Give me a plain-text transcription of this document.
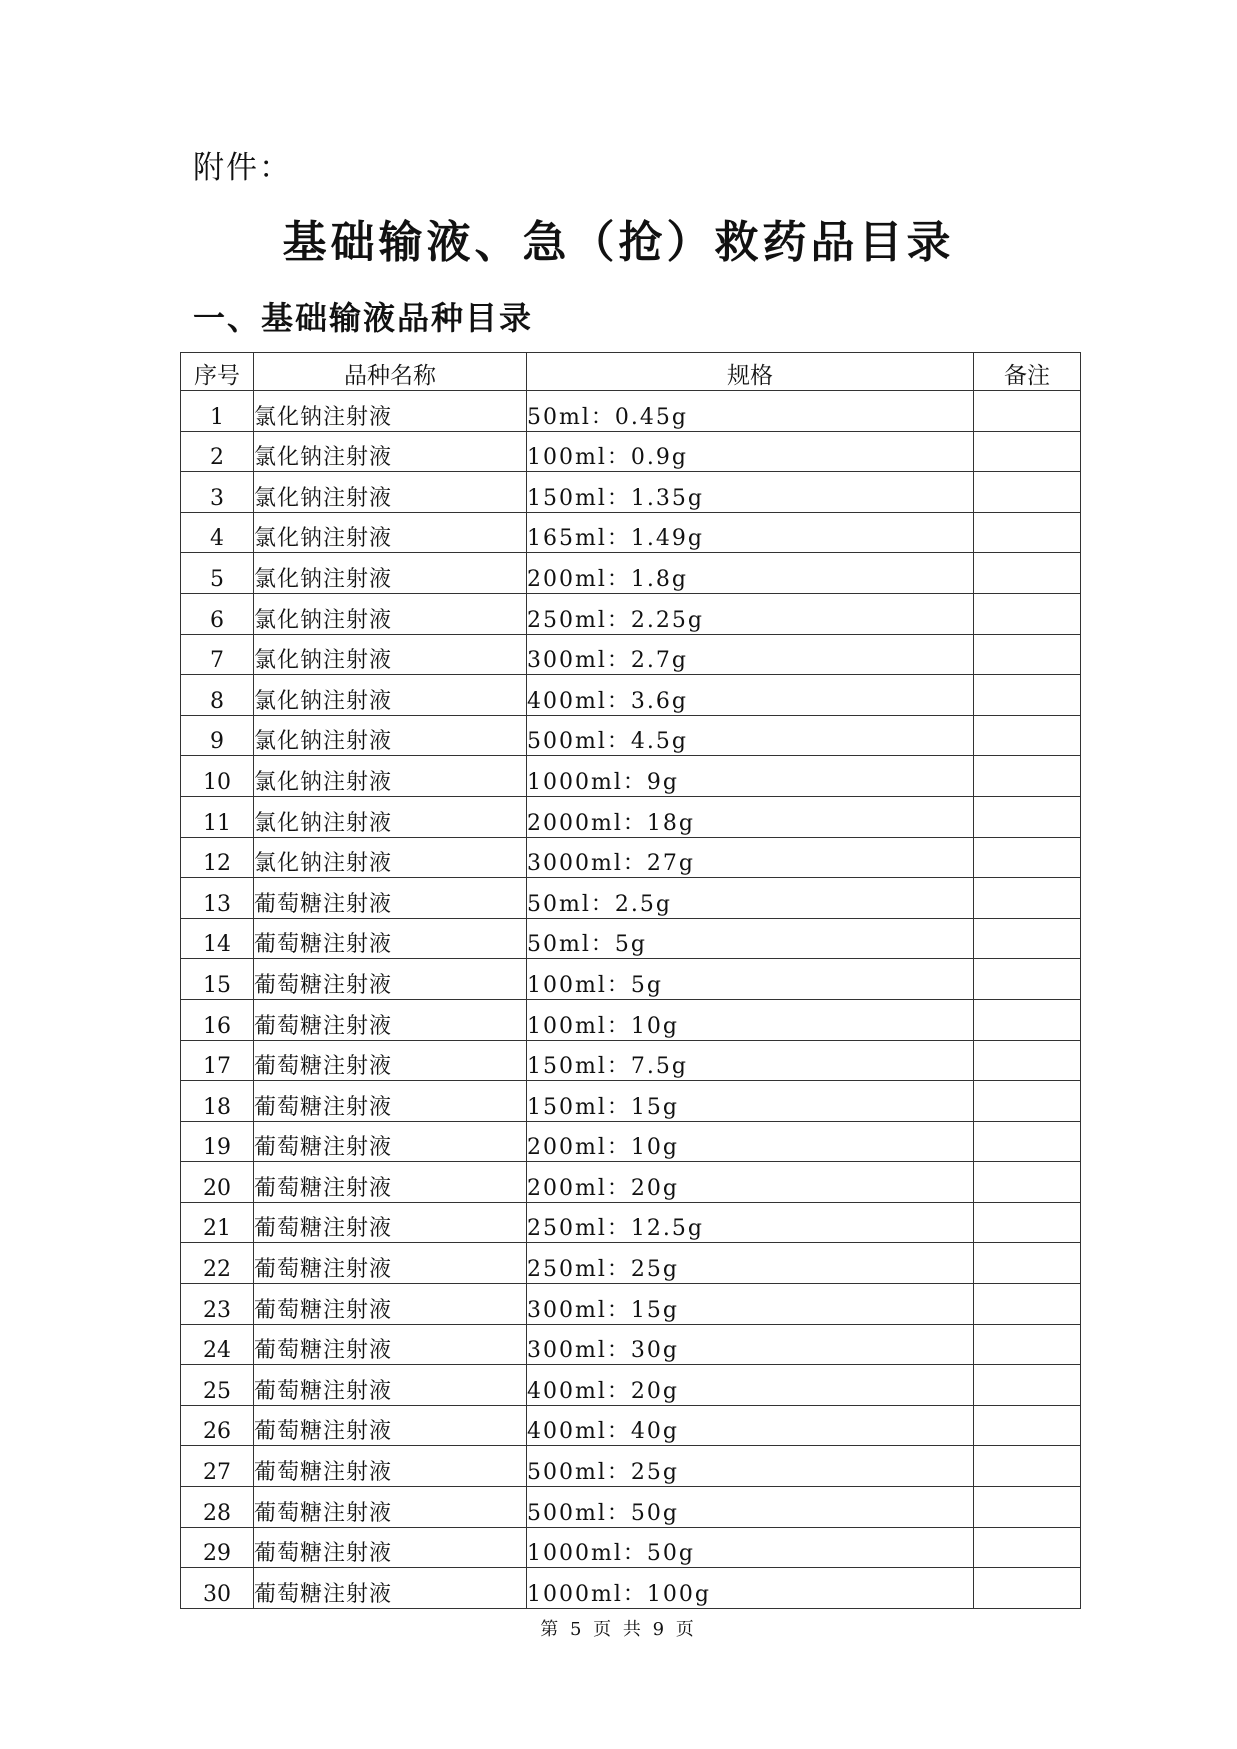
附件：
基础输液、急（抢）救药品目录
一、基础输液品种目录
序号	品种名称	规格	备注
1	氯化钠注射液	50ml：0.45g	
2	氯化钠注射液	100ml：0.9g	
3	氯化钠注射液	150ml：1.35g	
4	氯化钠注射液	165ml：1.49g	
5	氯化钠注射液	200ml：1.8g	
6	氯化钠注射液	250ml：2.25g	
7	氯化钠注射液	300ml：2.7g	
8	氯化钠注射液	400ml：3.6g	
9	氯化钠注射液	500ml：4.5g	
10	氯化钠注射液	1000ml：9g	
11	氯化钠注射液	2000ml：18g	
12	氯化钠注射液	3000ml：27g	
13	葡萄糖注射液	50ml：2.5g	
14	葡萄糖注射液	50ml：5g	
15	葡萄糖注射液	100ml：5g	
16	葡萄糖注射液	100ml：10g	
17	葡萄糖注射液	150ml：7.5g	
18	葡萄糖注射液	150ml：15g	
19	葡萄糖注射液	200ml：10g	
20	葡萄糖注射液	200ml：20g	
21	葡萄糖注射液	250ml：12.5g	
22	葡萄糖注射液	250ml：25g	
23	葡萄糖注射液	300ml：15g	
24	葡萄糖注射液	300ml：30g	
25	葡萄糖注射液	400ml：20g	
26	葡萄糖注射液	400ml：40g	
27	葡萄糖注射液	500ml：25g	
28	葡萄糖注射液	500ml：50g	
29	葡萄糖注射液	1000ml：50g	
30	葡萄糖注射液	1000ml：100g	
第 5 页 共 9 页
